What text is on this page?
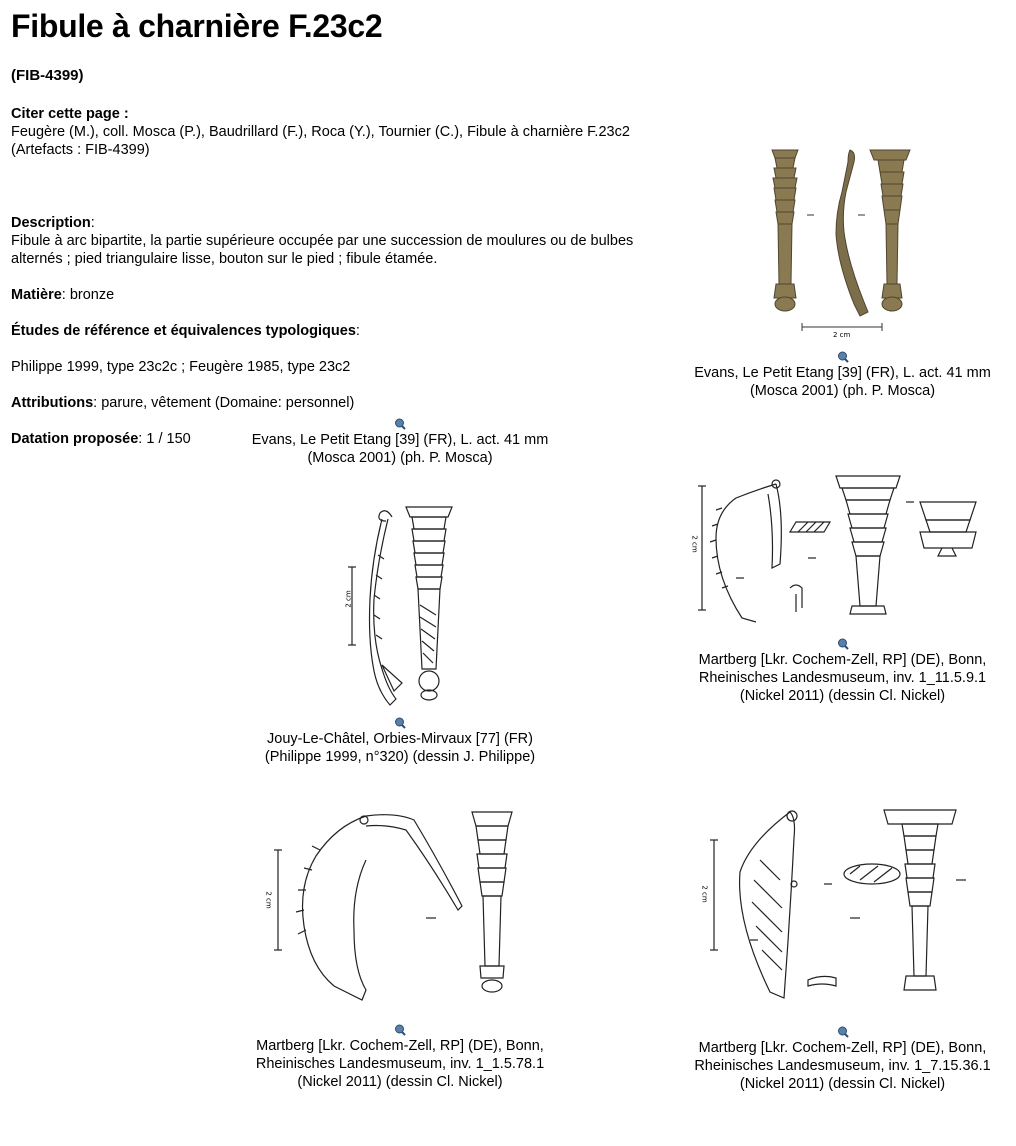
Fibule à charnière F.23c2
(FIB-4399)
Citer cette page :
Feugère (M.), coll. Mosca (P.), Baudrillard (F.), Roca (Y.), Tournier (C.), Fibule à charnière F.23c2 (Artefacts : FIB-4399)
Description:
Fibule à arc bipartite, la partie supérieure occupée par une succession de moulures ou de bulbes alternés ; pied triangulaire lisse, bouton sur le pied ; fibule étamée.
Matière: bronze
Études de référence et équivalences typologiques:
Philippe 1999, type 23c2c ; Feugère 1985, type 23c2
Attributions: parure, vêtement (Domaine: personnel)
Datation proposée: 1 / 150
2 cm
Evans, Le Petit Etang [39] (FR), L. act. 41 mm (Mosca 2001) (ph. P. Mosca)
Evans, Le Petit Etang [39] (FR), L. act. 41 mm (Mosca 2001) (ph. P. Mosca)
2 cm
Jouy-Le-Châtel, Orbies-Mirvaux [77] (FR) (Philippe 1999, n°320) (dessin J. Philippe)
2 cm
Martberg [Lkr. Cochem-Zell, RP] (DE), Bonn, Rheinisches Landesmuseum, inv. 1_11.5.9.1 (Nickel 2011) (dessin Cl. Nickel)
2 cm
Martberg [Lkr. Cochem-Zell, RP] (DE), Bonn, Rheinisches Landesmuseum, inv. 1_1.5.78.1 (Nickel 2011) (dessin Cl. Nickel)
2 cm
Martberg [Lkr. Cochem-Zell, RP] (DE), Bonn, Rheinisches Landesmuseum, inv. 1_7.15.36.1 (Nickel 2011) (dessin Cl. Nickel)
